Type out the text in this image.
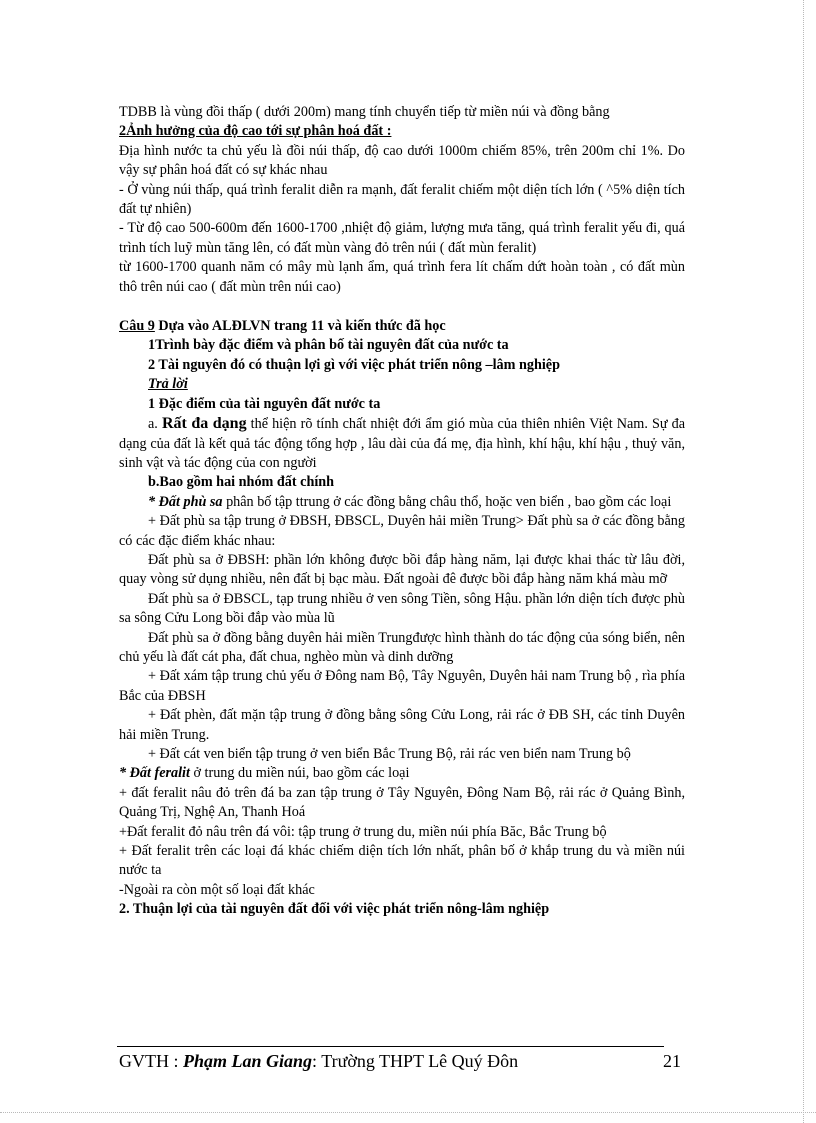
TDBB là vùng đồi thấp ( dưới 200m) mang tính chuyển tiếp từ miền núi và đồng bằng

2Ảnh hưởng của độ cao tới sự phân hoá đất :

Địa hình nước ta chủ yếu là đồi núi thấp, độ cao dưới 1000m chiếm 85%, trên 200m chỉ 1%. Do vậy sự phân hoá đất có sự khác nhau

- Ở vùng núi thấp, quá trình feralit diễn ra mạnh, đất feralit chiếm một diện tích lớn ( ^5% diện tích đất tự nhiên)

- Từ độ cao 500-600m đến 1600-1700 ,nhiệt độ giảm, lượng mưa tăng, quá trình feralit yếu đi, quá trình tích luỹ mùn tăng lên, có đất mùn vàng đỏ trên núi ( đất mùn feralit)

từ 1600-1700 quanh năm có mây mù lạnh ẩm, quá trình fera lít chấm dứt hoàn toàn , có đất mùn thô trên núi cao ( đất mùn trên núi cao)

Câu 9 Dựa vào ALĐLVN trang 11 và kiến thức đã học

1Trình bày đặc điểm và phân bố tài nguyên đất của nước ta

2 Tài nguyên đó có thuận lợi gì với việc phát triển nông –lâm nghiệp

Trả lời

1 Đặc điểm của tài nguyên đất nước ta

a. Rất đa dạng thể hiện rõ tính chất nhiệt đới ẩm gió mùa của thiên nhiên Việt Nam. Sự đa dạng của đất là kết quả tác động tổng hợp , lâu dài của đá mẹ, địa hình, khí hậu, khí hậu , thuỷ văn, sinh vật và tác động của con người

b.Bao gồm hai nhóm đất chính

* Đất phù sa phân bố tập ttrung ở các đồng bằng châu thổ, hoặc ven biển , bao gồm các loại

+ Đất phù sa tập trung ở ĐBSH, ĐBSCL, Duyên hải miền Trung> Đất phù sa ở các đồng bằng có các đặc điểm khác nhau:

Đất phù sa ở ĐBSH: phần lớn không được bồi đắp hàng năm, lại được khai thác từ lâu đời, quay vòng sử dụng nhiều, nên đất bị bạc màu. Đất ngoài đê được bồi đắp hàng năm khá màu mỡ

Đất phù sa ở ĐBSCL, tạp trung nhiều ở ven sông Tiền, sông Hậu. phần lớn diện tích được phù sa sông Cửu Long bồi đắp vào mùa lũ

Đất phù sa ở đồng bằng duyên hải miền Trungđược hình thành do tác động của sóng biển, nên chủ yếu là đất cát pha, đất chua, nghèo mùn và dinh dưỡng

+ Đất xám tập trung chủ yếu ở Đông nam Bộ, Tây Nguyên, Duyên hải nam Trung bộ , rìa phía Bắc của ĐBSH

+ Đất phèn, đất mặn tập trung ở đồng bằng sông Cửu Long, rải rác ở ĐB SH, các tỉnh Duyên hải miền Trung.

+ Đất cát ven biển tập trung ở ven biển Bắc Trung Bộ, rải rác ven biển nam Trung bộ

* Đất feralit ở trung du miền núi, bao gồm các loại

+ đất feralit nâu đỏ trên đá ba zan tập trung ở Tây Nguyên, Đông Nam Bộ, rải rác ở Quảng Bình, Quảng Trị, Nghệ An, Thanh Hoá

+Đất feralit đỏ nâu trên đá vôi: tập trung ở trung du, miền núi phía Băc, Bắc Trung bộ

+ Đất feralit trên các loại đá khác chiếm diện tích lớn nhất, phân bố ở khắp trung du và miền núi nước ta

-Ngoài ra còn một số loại đất khác

2. Thuận lợi của tài nguyên đất đối với việc phát triển nông-lâm nghiệp

GVTH : Phạm Lan Giang: Trường THPT Lê Quý Đôn	21
